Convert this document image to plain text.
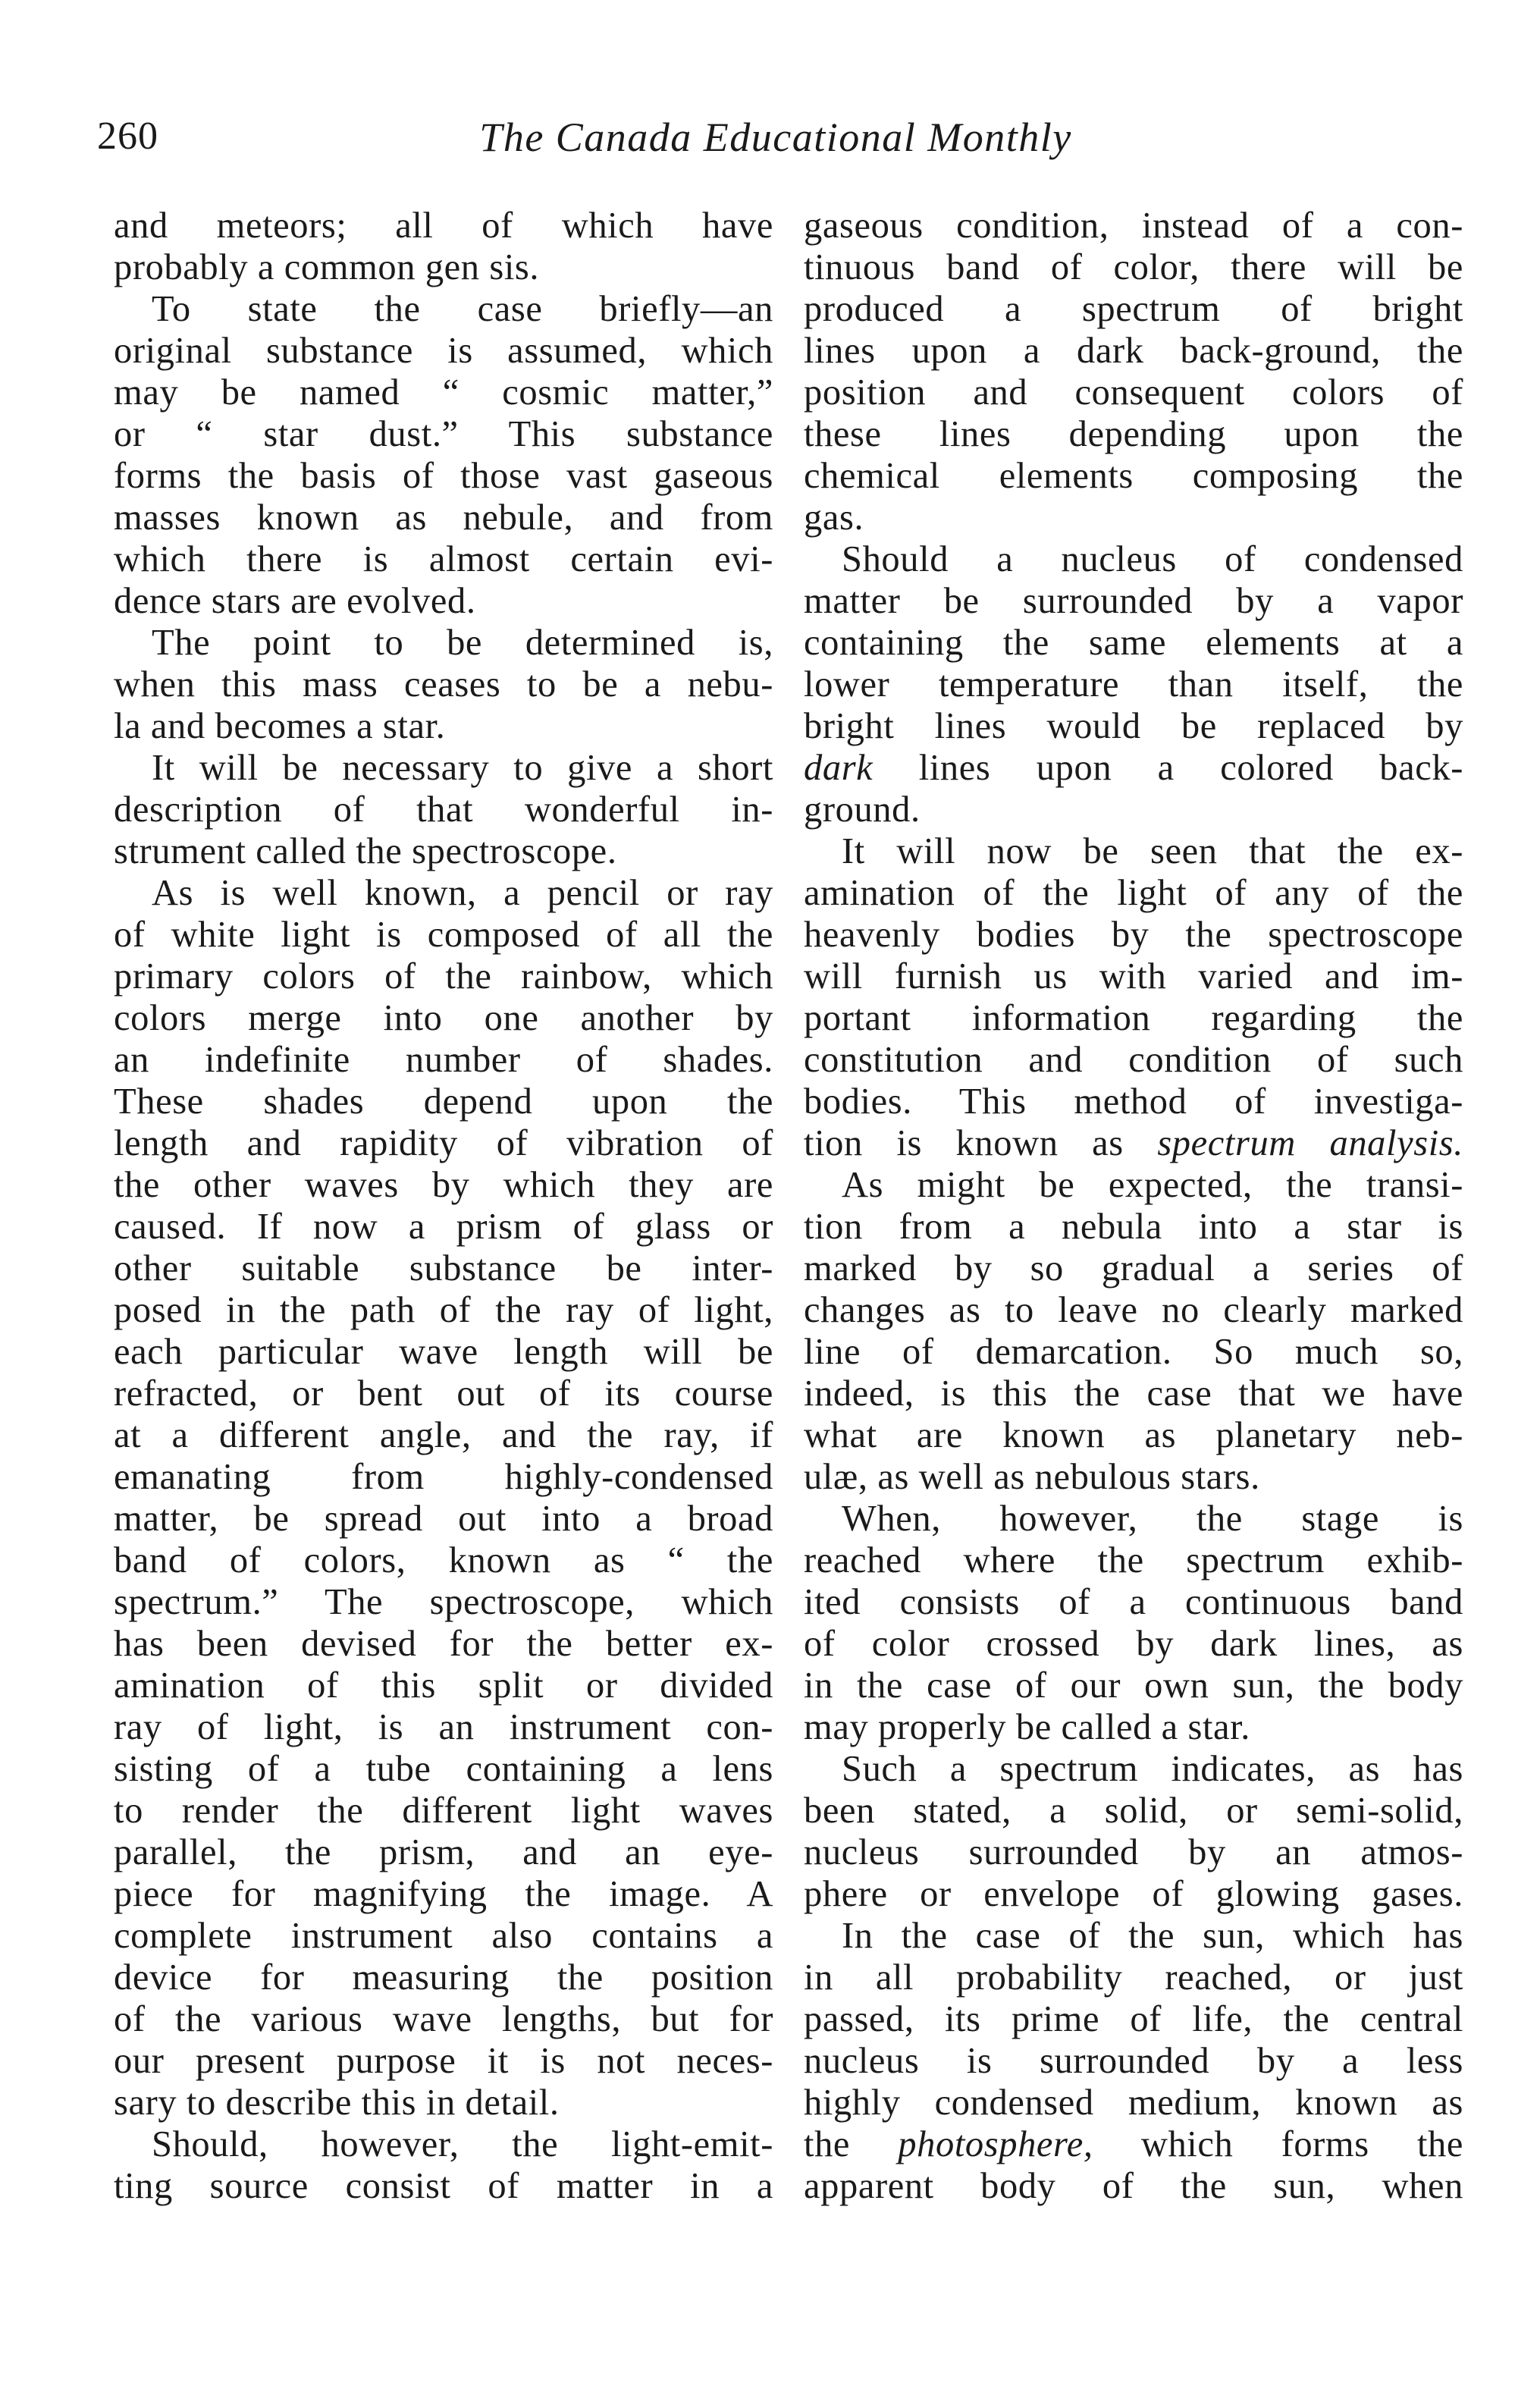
260	The Canada Educational Monthly
and meteors; all of which have
probably a common gen sis.
To state the case briefly—an
original substance is assumed, which
may be named “ cosmic matter,”
or “ star dust.” This substance
forms the basis of those vast gaseous
masses known as nebule, and from
which there is almost certain evi-
dence stars are evolved.
The point to be determined is,
when this mass ceases to be a nebu-
la and becomes a star.
It will be necessary to give a short
description of that wonderful in-
strument called the spectroscope.
As is well known, a pencil or ray
of white light is composed of all the
primary colors of the rainbow, which
colors merge into one another by
an indefinite number of shades.
These shades depend upon the
length and rapidity of vibration of
the other waves by which they are
caused. If now a prism of glass or
other suitable substance be inter-
posed in the path of the ray of light,
each particular wave length will be
refracted, or bent out of its course
at a different angle, and the ray, if
emanating from highly-condensed
matter, be spread out into a broad
band of colors, known as “ the
spectrum.” The spectroscope, which
has been devised for the better ex-
amination of this split or divided
ray of light, is an instrument con-
sisting of a tube containing a lens
to render the different light waves
parallel, the prism, and an eye-
piece for magnifying the image. A
complete instrument also contains a
device for measuring the position
of the various wave lengths, but for
our present purpose it is not neces-
sary to describe this in detail.
Should, however, the light-emit-
ting source consist of matter in a
gaseous condition, instead of a con-
tinuous band of color, there will be
produced a spectrum of bright
lines upon a dark back-ground, the
position and consequent colors of
these lines depending upon the
chemical elements composing the
gas.
Should a nucleus of condensed
matter be surrounded by a vapor
containing the same elements at a
lower temperature than itself, the
bright lines would be replaced by
dark lines upon a colored back-
ground.
It will now be seen that the ex-
amination of the light of any of the
heavenly bodies by the spectroscope
will furnish us with varied and im-
portant information regarding the
constitution and condition of such
bodies. This method of investiga-
tion is known as spectrum analysis.
As might be expected, the transi-
tion from a nebula into a star is
marked by so gradual a series of
changes as to leave no clearly marked
line of demarcation. So much so,
indeed, is this the case that we have
what are known as planetary neb-
ulæ, as well as nebulous stars.
When, however, the stage is
reached where the spectrum exhib-
ited consists of a continuous band
of color crossed by dark lines, as
in the case of our own sun, the body
may properly be called a star.
Such a spectrum indicates, as has
been stated, a solid, or semi-solid,
nucleus surrounded by an atmos-
phere or envelope of glowing gases.
In the case of the sun, which has
in all probability reached, or just
passed, its prime of life, the central
nucleus is surrounded by a less
highly condensed medium, known as
the photosphere, which forms the
apparent body of the sun, when
